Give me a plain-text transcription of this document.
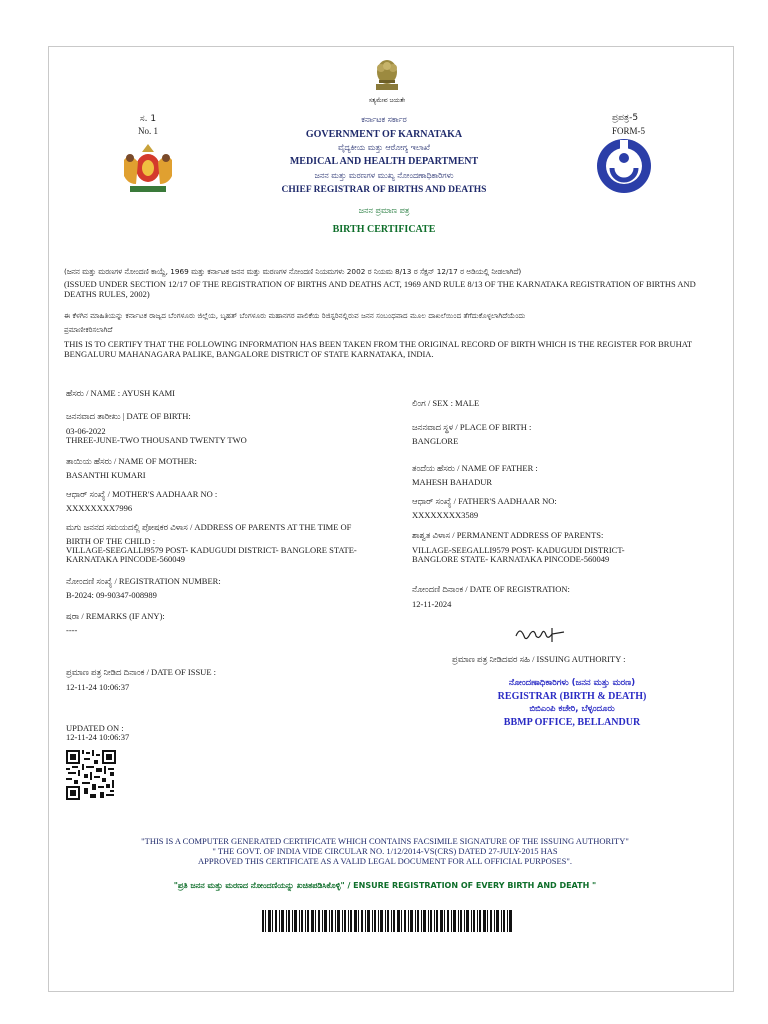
ಸತ್ಯಮೇವ ಜಯತೇ
ಸ. 1
No. 1
ಪ್ರಪತ್ರ-5
FORM-5
ಕರ್ನಾಟಕ ಸರ್ಕಾರ
GOVERNMENT OF KARNATAKA
ವೈದ್ಯಕೀಯ ಮತ್ತು ಆರೋಗ್ಯ ಇಲಾಖೆ
MEDICAL AND HEALTH DEPARTMENT
ಜನನ ಮತ್ತು ಮರಣಗಳ ಮುಖ್ಯ ನೋಂದಣಾಧಿಕಾರಿಗಳು
CHIEF REGISTRAR OF BIRTHS AND DEATHS
ಜನನ ಪ್ರಮಾಣ ಪತ್ರ
BIRTH CERTIFICATE
(ಜನನ ಮತ್ತು ಮರಣಗಳ ನೋಂದಣಿ ಕಾಯ್ದೆ, 1969 ಮತ್ತು ಕರ್ನಾಟಕ ಜನನ ಮತ್ತು ಮರಣಗಳ ನೋಂದಣಿ ನಿಯಮಗಳು 2002 ರ ನಿಯಮ 8/13 ರ ಸೆಕ್ಷನ್ 12/17 ರ ಅಡಿಯಲ್ಲಿ ನೀಡಲಾಗಿದೆ)
(ISSUED UNDER SECTION 12/17 OF THE REGISTRATION OF BIRTHS AND DEATHS ACT, 1969 AND RULE 8/13 OF THE KARNATAKA REGISTRATION OF BIRTHS AND DEATHS RULES, 2002)
ಈ ಕೆಳಗಿನ ಮಾಹಿತಿಯನ್ನು ಕರ್ನಾಟಕ ರಾಜ್ಯದ ಬೆಂಗಳೂರು ಜಿಲ್ಲೆಯ, ಬೃಹತ್ ಬೆಂಗಳೂರು ಮಹಾನಗರ ಪಾಲಿಕೆಯ ರಿಜಿಸ್ಟರಿನಲ್ಲಿರುವ ಜನನ ಸಂಬಂಧವಾದ ಮೂಲ ದಾಖಲೆಯಿಂದ ತೆಗೆದುಕೊಳ್ಳಲಾಗಿದೆಯೆಂದು
ಪ್ರಮಾಣೀಕರಿಸಲಾಗಿದೆ
THIS IS TO CERTIFY THAT THE FOLLOWING INFORMATION HAS BEEN TAKEN FROM THE ORIGINAL RECORD OF BIRTH WHICH IS THE REGISTER FOR BRUHAT BENGALURU MAHANAGARA PALIKE, BANGALORE DISTRICT OF STATE KARNATAKA, INDIA.
ಹೆಸರು / NAME : AYUSH KAMI
ಜನನವಾದ ತಾರೀಖು | DATE OF BIRTH:
03-06-2022
THREE-JUNE-TWO THOUSAND TWENTY TWO
ತಾಯಿಯ ಹೆಸರು / NAME OF MOTHER:
BASANTHI KUMARI
ಆಧಾರ್ ಸಂಖ್ಯೆ / MOTHER'S AADHAAR NO :
XXXXXXXX7996
ಮಗು ಜನನದ ಸಮಯದಲ್ಲಿ ಪೋಷಕರ ವಿಳಾಸ / ADDRESS OF PARENTS AT THE TIME OF
BIRTH OF THE CHILD :
VILLAGE-SEEGALLI9579 POST- KADUGUDI DISTRICT- BANGLORE STATE-
KARNATAKA PINCODE-560049
ನೋಂದಣಿ ಸಂಖ್ಯೆ / REGISTRATION NUMBER:
B-2024: 09-90347-008989
ಷರಾ / REMARKS (IF ANY):
----
ಪ್ರಮಾಣ ಪತ್ರ ನೀಡಿದ ದಿನಾಂಕ / DATE OF ISSUE :
12-11-24 10:06:37
UPDATED ON :
12-11-24 10:06:37
ಲಿಂಗ / SEX : MALE
ಜನನವಾದ ಸ್ಥಳ / PLACE OF BIRTH :
BANGLORE
ತಂದೆಯ ಹೆಸರು / NAME OF FATHER :
MAHESH BAHADUR
ಆಧಾರ್ ಸಂಖ್ಯೆ / FATHER'S AADHAAR NO:
XXXXXXXX3589
ಶಾಶ್ವತ ವಿಳಾಸ / PERMANENT ADDRESS OF PARENTS:
VILLAGE-SEEGALLI9579 POST- KADUGUDI DISTRICT-
BANGLORE STATE- KARNATAKA PINCODE-560049
ನೋಂದಣಿ ದಿನಾಂಕ / DATE OF REGISTRATION:
12-11-2024
ಪ್ರಮಾಣ ಪತ್ರ ನೀಡಿದವರ ಸಹಿ / ISSUING AUTHORITY :
ನೋಂದಣಾಧಿಕಾರಿಗಳು (ಜನನ ಮತ್ತು ಮರಣ)
REGISTRAR (BIRTH & DEATH)
ಬಿಬಿಎಂಪಿ ಕಚೇರಿ, ಬೆಳ್ಳಂದೂರು
BBMP OFFICE, BELLANDUR
"THIS IS A COMPUTER GENERATED CERTIFICATE WHICH CONTAINS FACSIMILE SIGNATURE OF THE ISSUING AUTHORITY"
" THE GOVT. OF INDIA VIDE CIRCULAR NO. 1/12/2014-VS(CRS) DATED 27-JULY-2015 HAS
APPROVED THIS CERTIFICATE AS A VALID LEGAL DOCUMENT FOR ALL OFFICIAL PURPOSES".
"ಪ್ರತಿ ಜನನ ಮತ್ತು ಮರಣದ ನೋಂದಣಿಯನ್ನು ಖಚಿತಪಡಿಸಿಕೊಳ್ಳಿ" / ENSURE REGISTRATION OF EVERY BIRTH AND DEATH "
